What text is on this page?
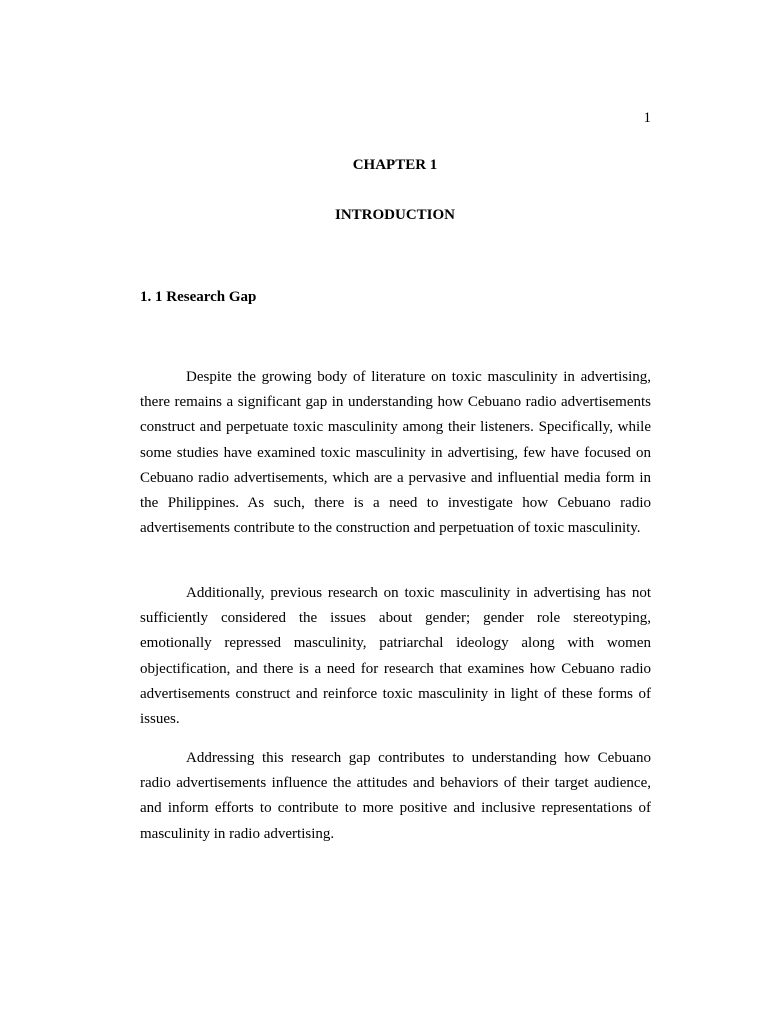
1
CHAPTER 1
INTRODUCTION
1. 1 Research Gap

Despite the growing body of literature on toxic masculinity in advertising, there remains a significant gap in understanding how Cebuano radio advertisements construct and perpetuate toxic masculinity among their listeners. Specifically, while some studies have examined toxic masculinity in advertising, few have focused on Cebuano radio advertisements, which are a pervasive and influential media form in the Philippines. As such, there is a need to investigate how Cebuano radio advertisements contribute to the construction and perpetuation of toxic masculinity.

Additionally, previous research on toxic masculinity in advertising has not sufficiently considered the issues about gender; gender role stereotyping, emotionally repressed masculinity, patriarchal ideology along with women objectification, and there is a need for research that examines how Cebuano radio advertisements construct and reinforce toxic masculinity in light of these forms of issues.

Addressing this research gap contributes to understanding how Cebuano radio advertisements influence the attitudes and behaviors of their target audience, and inform efforts to contribute to more positive and inclusive representations of masculinity in radio advertising.
